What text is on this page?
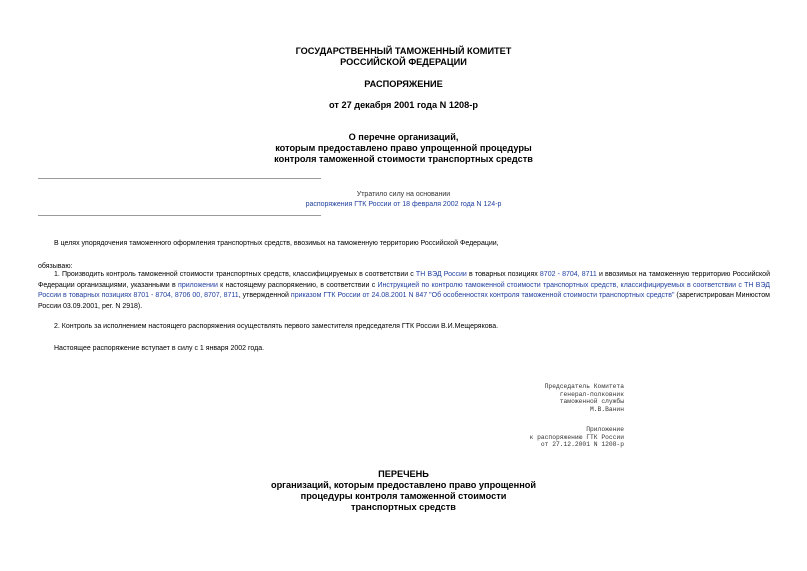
ГОСУДАРСТВЕННЫЙ ТАМОЖЕННЫЙ КОМИТЕТ
РОССИЙСКОЙ ФЕДЕРАЦИИ
РАСПОРЯЖЕНИЕ
от 27 декабря 2001 года N 1208-р
О перечне организаций,
которым предоставлено право упрощенной процедуры
контроля таможенной стоимости транспортных средств
Утратило силу на основании
распоряжения ГТК России от 18 февраля 2002 года N 124-р
В целях упорядочения таможенного оформления транспортных средств, ввозимых на таможенную территорию Российской Федерации,
обязываю:
1. Производить контроль таможенной стоимости транспортных средств, классифицируемых в соответствии с ТН ВЭД России в товарных позициях 8702 - 8704, 8711 и ввозимых на таможенную территорию Российской Федерации организациями, указанными в приложении к настоящему распоряжению, в соответствии с Инструкцией по контролю таможенной стоимости транспортных средств, классифицируемых в соответствии с ТН ВЭД России в товарных позициях 8701 - 8704, 8706 00, 8707, 8711, утвержденной приказом ГТК России от 24.08.2001 N 847 "Об особенностях контроля таможенной стоимости транспортных средств" (зарегистрирован Минюстом России 03.09.2001, рег. N 2918).
2. Контроль за исполнением настоящего распоряжения осуществлять первого заместителя председателя ГТК России В.И.Мещерякова.
Настоящее распоряжение вступает в силу с 1 января 2002 года.
Председатель Комитета
генерал-полковник
таможенной службы
М.В.Ванин
Приложение
к распоряжению ГТК России
от 27.12.2001 N 1208-р
ПЕРЕЧЕНЬ
организаций, которым предоставлено право упрощенной
процедуры контроля таможенной стоимости
транспортных средств
